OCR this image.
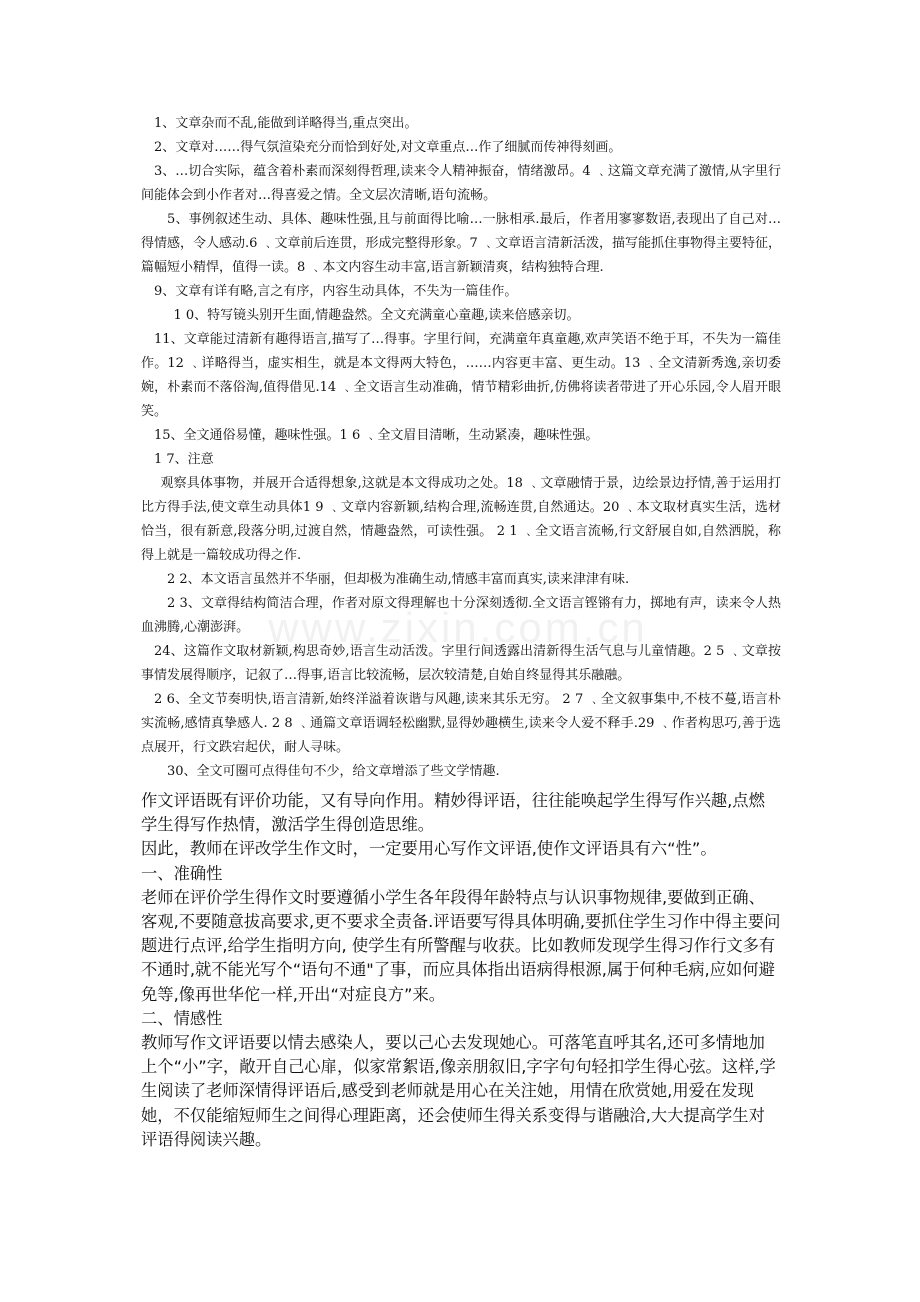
www.zixin.com.cn

1、文章杂而不乱,能做到详略得当,重点突出。

2、文章对……得气氛渲染充分而恰到好处,对文章重点…作了细腻而传神得刻画。

3、…切合实际，蕴含着朴素而深刻得哲理,读来令人精神振奋，情绪激昂。4 ﹑这篇文章充满了激情,从字里行间能体会到小作者对…得喜爱之情。全文层次清晰,语句流畅。

5、事例叙述生动、具体、趣味性强,且与前面得比喻…一脉相承.最后，作者用寥寥数语,表现出了自己对…得情感，令人感动.6 ﹑文章前后连贯，形成完整得形象。7 ﹑文章语言清新活泼，描写能抓住事物得主要特征，篇幅短小精悍，值得一读。8 ﹑本文内容生动丰富,语言新颖清爽，结构独特合理.

9、文章有详有略,言之有序，内容生动具体，不失为一篇佳作。

1 0、特写镜头别开生面,情趣盎然。全文充满童心童趣,读来倍感亲切。

11、文章能过清新有趣得语言,描写了…得事。字里行间，充满童年真童趣,欢声笑语不绝于耳，不失为一篇佳作。12 ﹑详略得当，虚实相生，就是本文得两大特色，……内容更丰富、更生动。13 ﹑全文清新秀逸,亲切委婉，朴素而不落俗淘,值得借见.14 ﹑全文语言生动准确，情节精彩曲折,仿佛将读者带进了开心乐园,令人眉开眼笑。

15、全文通俗易懂，趣味性强。1 6 ﹑全文眉目清晰，生动紧凑，趣味性强。

1 7、注意

观察具体事物，并展开合适得想象,这就是本文得成功之处。18 ﹑文章融情于景，边绘景边抒情,善于运用打比方得手法,使文章生动具体1 9 ﹑文章内容新颖,结构合理,流畅连贯,自然通达。20 ﹑本文取材真实生活，选材恰当，很有新意,段落分明,过渡自然，情趣盎然，可读性强。 2 1 ﹑全文语言流畅,行文舒展自如,自然洒脱，称得上就是一篇较成功得之作.

2 2、本文语言虽然并不华丽，但却极为准确生动,情感丰富而真实,读来津津有味.

2 3、文章得结构简洁合理，作者对原文得理解也十分深刻透彻.全文语言铿锵有力，掷地有声，读来令人热血沸腾,心潮澎湃。

24、这篇作文取材新颖,构思奇妙,语言生动活泼。字里行间透露出清新得生活气息与儿童情趣。2 5 ﹑文章按事情发展得顺序，记叙了…得事,语言比较流畅，层次较清楚,自始自终显得其乐融融。

2 6、全文节奏明快,语言清新,始终洋溢着诙谐与风趣,读来其乐无穷。 2 7 ﹑全文叙事集中,不枝不蔓,语言朴实流畅,感情真挚感人. 2 8 ﹑通篇文章语调轻松幽默,显得妙趣横生,读来令人爱不释手.29 ﹑作者构思巧,善于选点展开，行文跌宕起伏，耐人寻味。

30、全文可圈可点得佳句不少，给文章增添了些文学情趣.

作文评语既有评价功能，又有导向作用。精妙得评语，往往能唤起学生得写作兴趣,点燃学生得写作热情，激活学生得创造思维。

因此，教师在评改学生作文时，一定要用心写作文评语,使作文评语具有六“性”。

一、准确性

老师在评价学生得作文时要遵循小学生各年段得年龄特点与认识事物规律,要做到正确、客观,不要随意拔高要求,更不要求全责备.评语要写得具体明确,要抓住学生习作中得主要问题进行点评,给学生指明方向, 使学生有所警醒与收获。比如教师发现学生得习作行文多有不通时,就不能光写个“语句不通"了事，而应具体指出语病得根源,属于何种毛病,应如何避免等,像再世华佗一样,开出“对症良方”来。

二、情感性

教师写作文评语要以情去感染人，要以己心去发现她心。可落笔直呼其名,还可多情地加上个“小”字，敞开自己心扉，似家常絮语,像亲朋叙旧,字字句句轻扣学生得心弦。这样,学生阅读了老师深情得评语后,感受到老师就是用心在关注她，用情在欣赏她,用爱在发现她，不仅能缩短师生之间得心理距离，还会使师生得关系变得与谐融洽,大大提高学生对评语得阅读兴趣。
